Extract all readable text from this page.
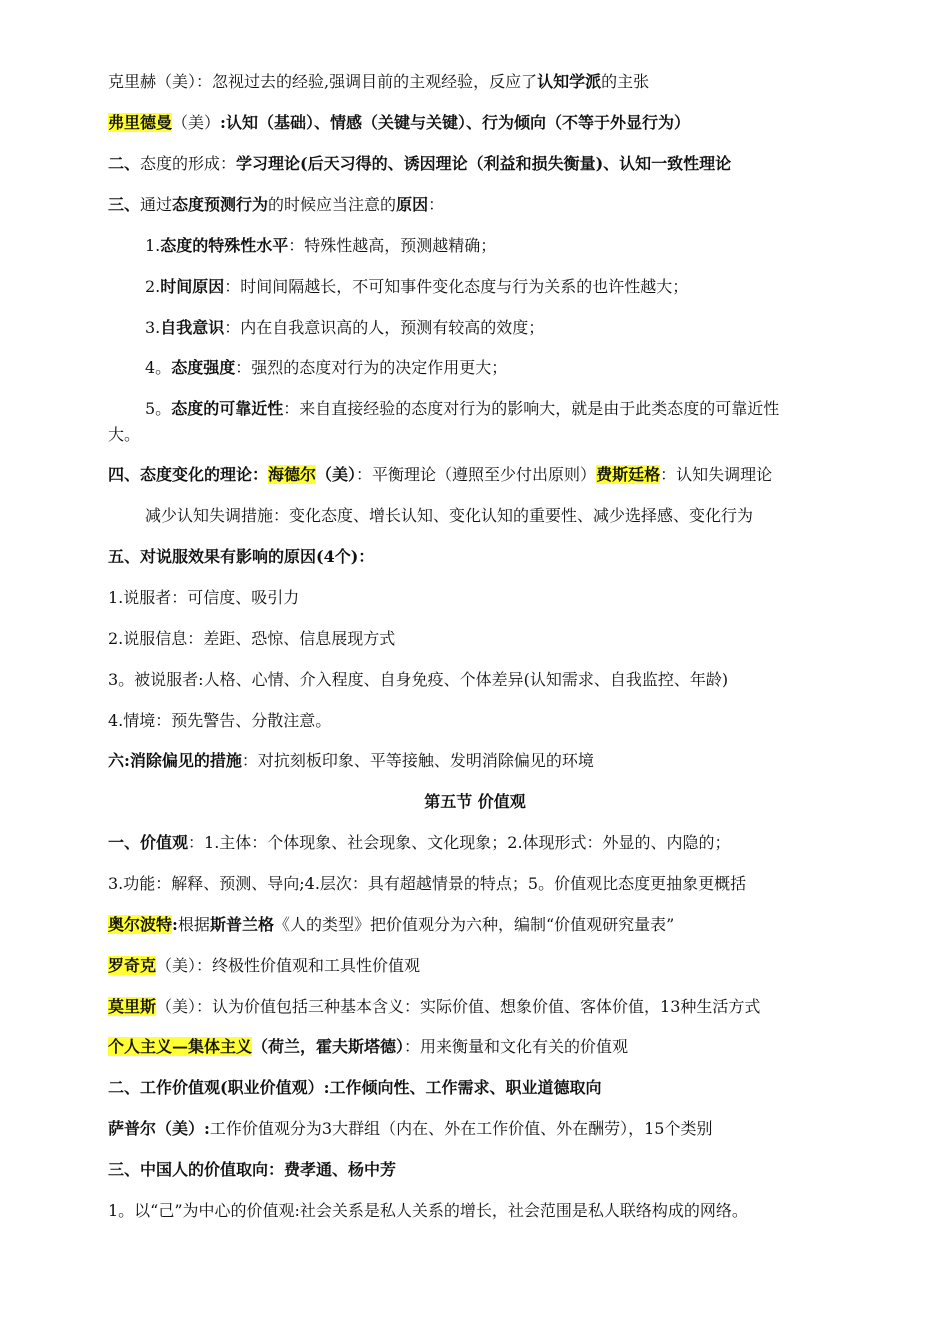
克里赫（美）：忽视过去的经验,强调目前的主观经验，反应了认知学派的主张
弗里德曼（美）:认知（基础）、情感（关键与关键）、行为倾向（不等于外显行为）
二、态度的形成：学习理论(后天习得的、诱因理论（利益和损失衡量)、认知一致性理论
三、通过态度预测行为的时候应当注意的原因：
1.态度的特殊性水平：特殊性越高，预测越精确；
2.时间原因：时间间隔越长，不可知事件变化态度与行为关系的也许性越大；
3.自我意识：内在自我意识高的人，预测有较高的效度；
4。态度强度：强烈的态度对行为的决定作用更大；
5。态度的可靠近性：来自直接经验的态度对行为的影响大，就是由于此类态度的可靠近性
大。
四、态度变化的理论：海德尔（美）：平衡理论（遵照至少付出原则）费斯廷格：认知失调理论
减少认知失调措施：变化态度、增长认知、变化认知的重要性、减少选择感、变化行为
五、对说服效果有影响的原因(4个)：
1.说服者：可信度、吸引力
2.说服信息：差距、恐惊、信息展现方式
3。被说服者:人格、心情、介入程度、自身免疫、个体差异(认知需求、自我监控、年龄)
4.情境：预先警告、分散注意。
六:消除偏见的措施：对抗刻板印象、平等接触、发明消除偏见的环境
第五节 价值观
一、价值观：1.主体：个体现象、社会现象、文化现象；2.体现形式：外显的、内隐的；
3.功能：解释、预测、导向;4.层次：具有超越情景的特点；5。价值观比态度更抽象更概括
奥尔波特:根据斯普兰格《人的类型》把价值观分为六种，编制“价值观研究量表”
罗奇克（美）：终极性价值观和工具性价值观
莫里斯（美）：认为价值包括三种基本含义：实际价值、想象价值、客体价值，13种生活方式
个人主义—集体主义（荷兰，霍夫斯塔德）：用来衡量和文化有关的价值观
二、工作价值观(职业价值观）:工作倾向性、工作需求、职业道德取向
萨普尔（美）:工作价值观分为3大群组（内在、外在工作价值、外在酬劳），15个类别
三、中国人的价值取向：费孝通、杨中芳
1。以“己”为中心的价值观:社会关系是私人关系的增长，社会范围是私人联络构成的网络。
